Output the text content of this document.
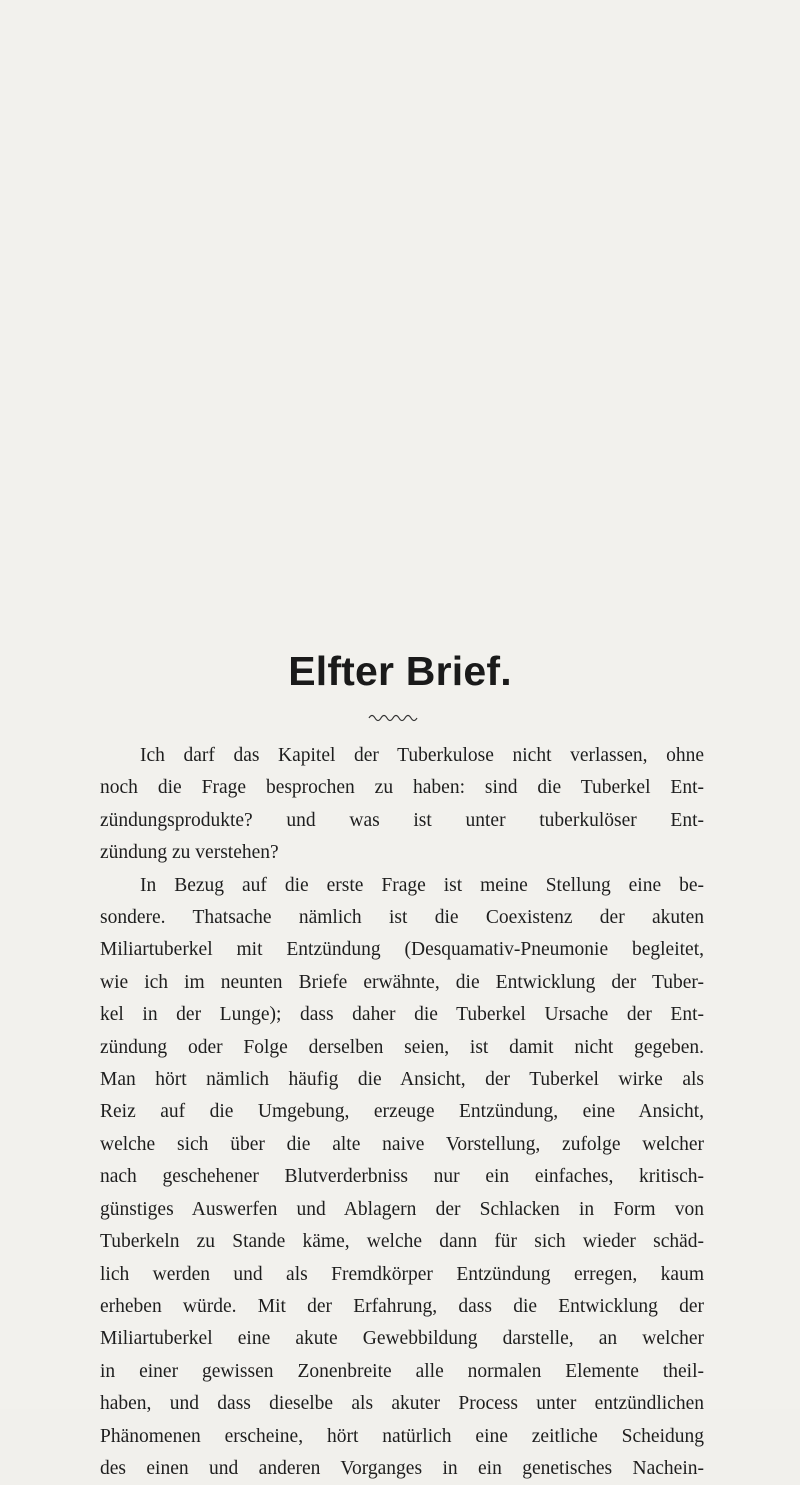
Elfter Brief.
Ich darf das Kapitel der Tuberkulose nicht verlassen, ohne
noch die Frage besprochen zu haben: sind die Tuberkel Ent-
zündungsprodukte? und was ist unter tuberkulöser Ent-
zündung zu verstehen?
In Bezug auf die erste Frage ist meine Stellung eine be-
sondere. Thatsache nämlich ist die Coexistenz der akuten
Miliartuberkel mit Entzündung (Desquamativ-Pneumonie begleitet,
wie ich im neunten Briefe erwähnte, die Entwicklung der Tuber-
kel in der Lunge); dass daher die Tuberkel Ursache der Ent-
zündung oder Folge derselben seien, ist damit nicht gegeben.
Man hört nämlich häufig die Ansicht, der Tuberkel wirke als
Reiz auf die Umgebung, erzeuge Entzündung, eine Ansicht,
welche sich über die alte naive Vorstellung, zufolge welcher
nach geschehener Blutverderbniss nur ein einfaches, kritisch-
günstiges Auswerfen und Ablagern der Schlacken in Form von
Tuberkeln zu Stande käme, welche dann für sich wieder schäd-
lich werden und als Fremdkörper Entzündung erregen, kaum
erheben würde. Mit der Erfahrung, dass die Entwicklung der
Miliartuberkel eine akute Gewebbildung darstelle, an welcher
in einer gewissen Zonenbreite alle normalen Elemente theil-
haben, und dass dieselbe als akuter Process unter entzündlichen
Phänomenen erscheine, hört natürlich eine zeitliche Scheidung
des einen und anderen Vorganges in ein genetisches Nachein-
